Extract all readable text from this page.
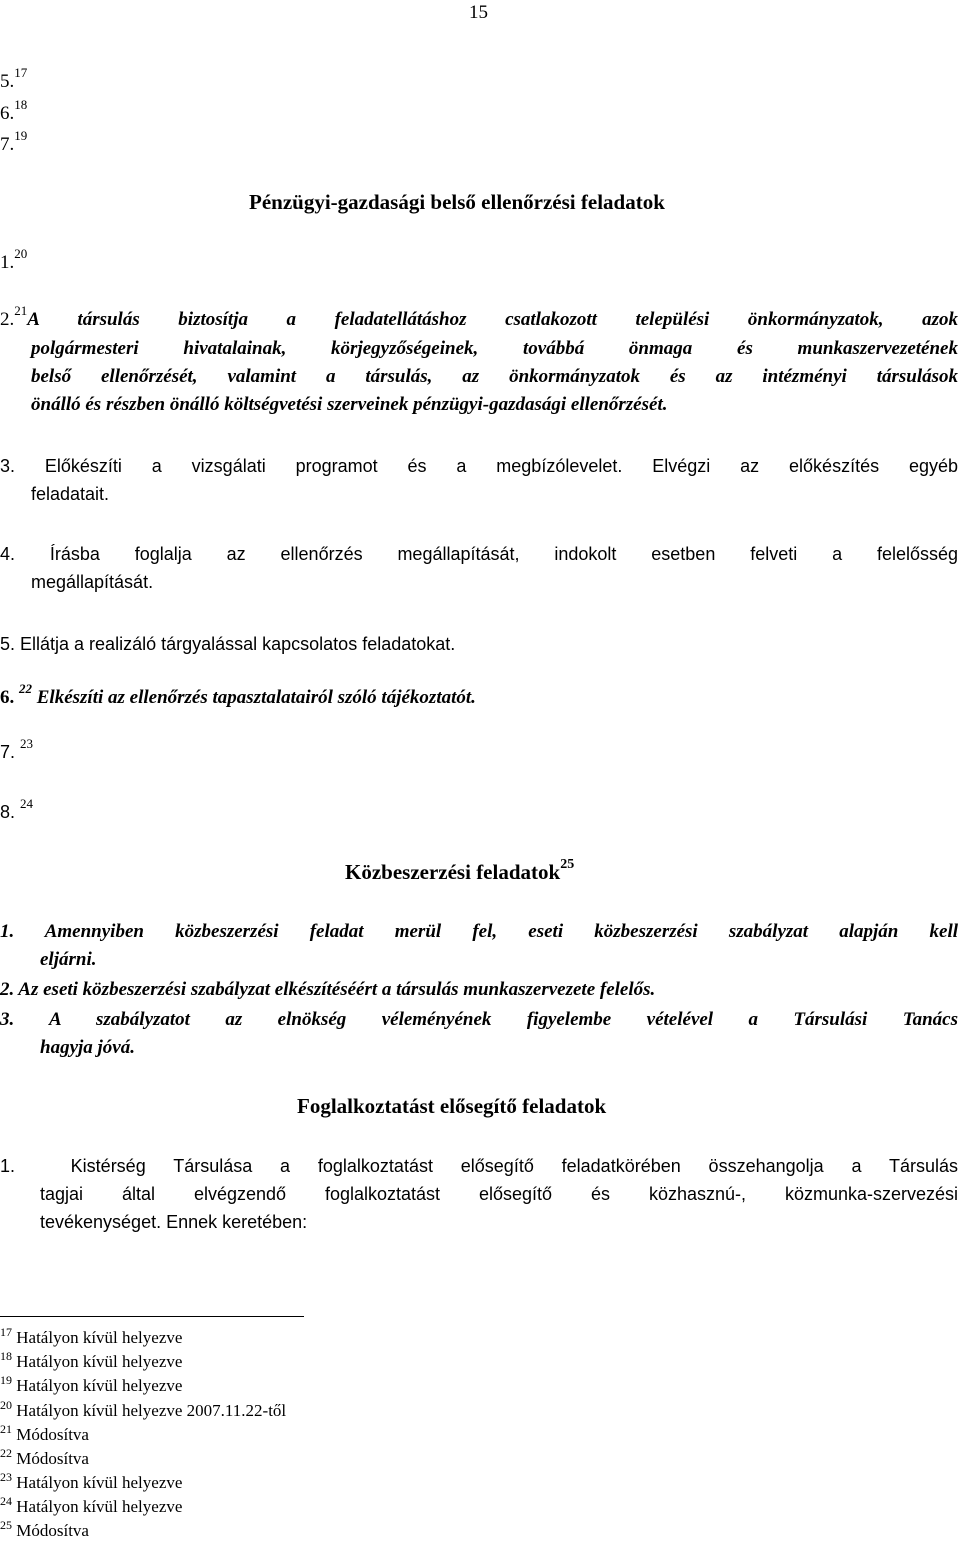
15
5.17
6.18
7.19
Pénzügyi-gazdasági belső ellenőrzési feladatok
1.20
2.21A társulás biztosítja a feladatellátáshoz csatlakozott települési önkormányzatok, azok
polgármesteri hivatalainak, körjegyzőségeinek, továbbá önmaga és munkaszervezetének
belső ellenőrzését, valamint a társulás, az önkormányzatok és az intézményi társulások
önálló és részben önálló költségvetési szerveinek pénzügyi-gazdasági ellenőrzését.
3. Előkészíti a vizsgálati programot és a megbízólevelet. Elvégzi az előkészítés egyéb
feladatait.
4. Írásba foglalja az ellenőrzés megállapítását, indokolt esetben felveti a felelősség
megállapítását.
5. Ellátja a realizáló tárgyalással kapcsolatos feladatokat.
6. $^{22}$ Elkészíti az ellenőrzés tapasztalatairól szóló tájékoztatót.
7. $^{23}$
8. $^{24}$
Közbeszerzési feladatok$^{25}$
1. Amennyiben közbeszerzési feladat merül fel, eseti közbeszerzési szabályzat alapján kell
eljárni.
2. Az eseti közbeszerzési szabályzat elkészítéséért a társulás munkaszervezete felelős.
3. A szabályzatot az elnökség véleményének figyelembe vételével a Társulási Tanács
hagyja jóvá.
Foglalkoztatást elősegítő feladatok
1.	Kistérség Társulása a foglalkoztatást elősegítő feladatkörében összehangolja a Társulás
tagjai által elvégzendő foglalkoztatást elősegítő és közhasznú-, közmunka-szervezési
tevékenységet. Ennek keretében:
$^{17}$ Hatályon kívül helyezve
$^{18}$ Hatályon kívül helyezve
$^{19}$ Hatályon kívül helyezve
$^{20}$ Hatályon kívül helyezve 2007.11.22-től
$^{21}$ Módosítva
$^{22}$ Módosítva
$^{23}$ Hatályon kívül helyezve
$^{24}$ Hatályon kívül helyezve
$^{25}$ Módosítva
